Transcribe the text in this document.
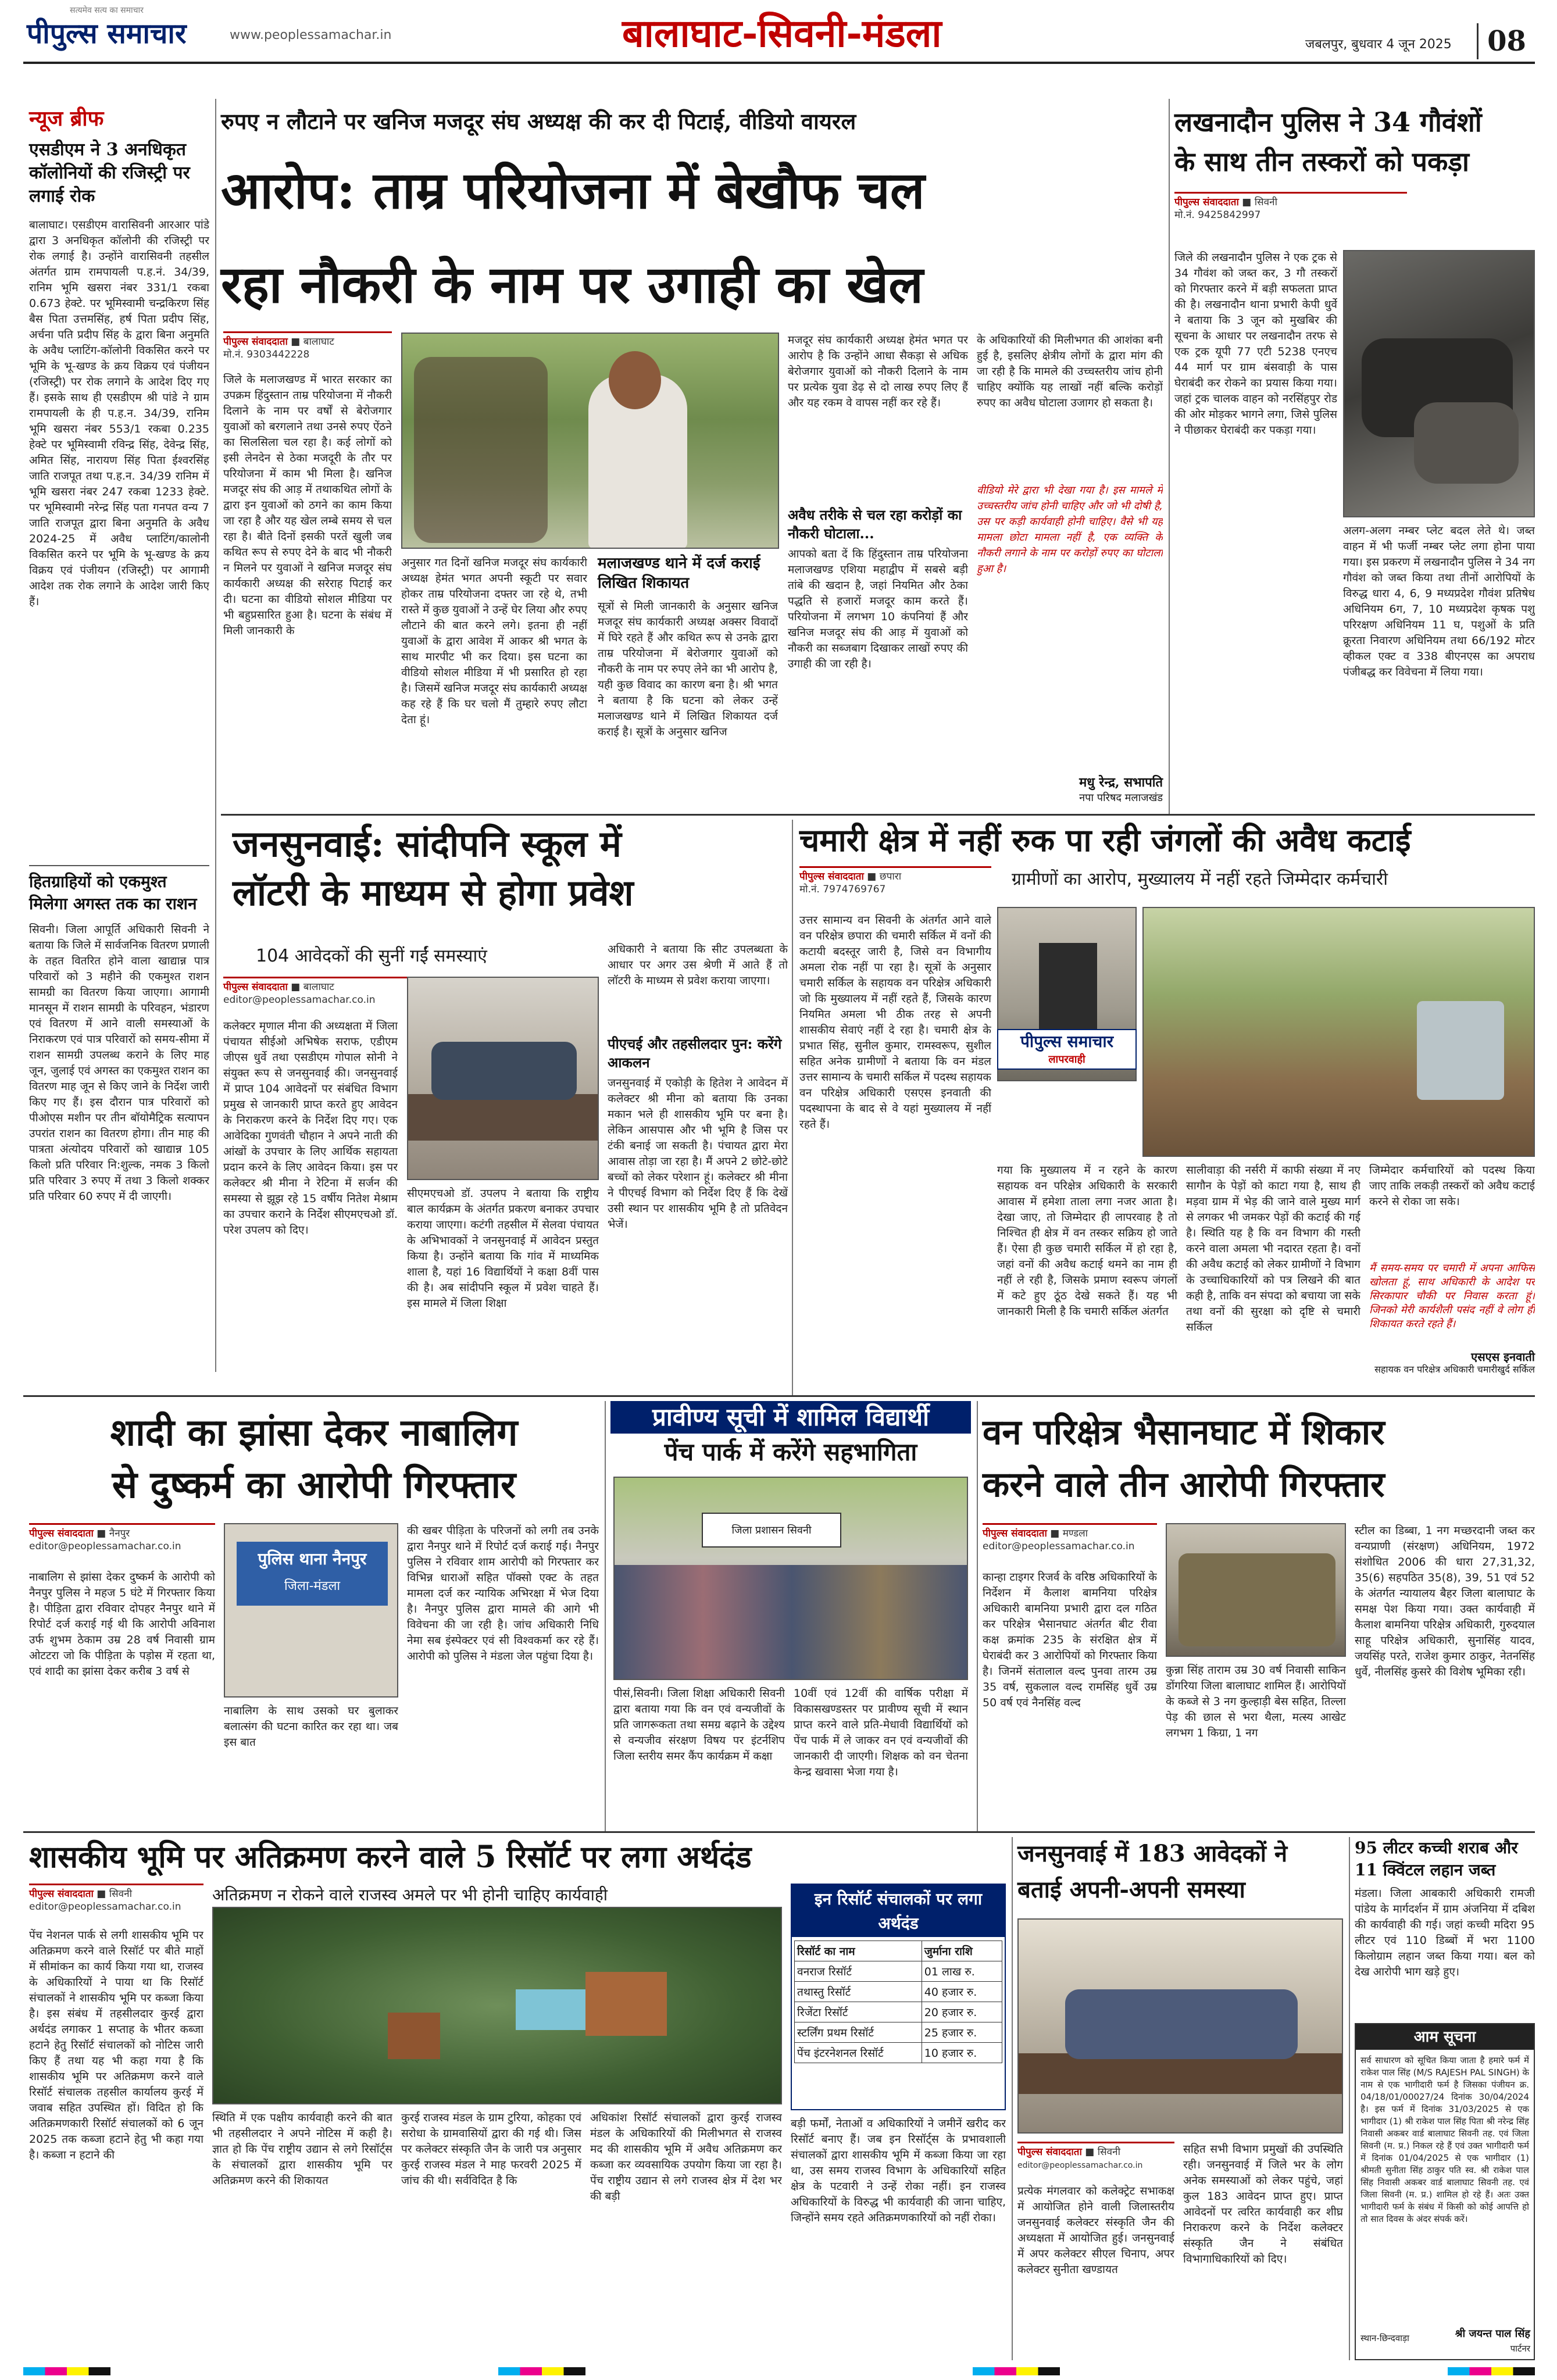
पीपुल्स समाचार
सत्यमेव सत्य का समाचार
www.peoplessamachar.in	बालाघाट-सिवनी-मंडला	जबलपुर, बुधवार 4 जून 2025	08
न्यूज ब्रीफ
एसडीएम ने 3 अनधिकृत कॉलोनियों की रजिस्ट्री पर लगाई रोक
बालाघाट। एसडीएम वारासिवनी आरआर पांडे द्वारा 3 अनधिकृत कॉलोनी की रजिस्ट्री पर रोक लगाई है। उन्होंने वारासिवनी तहसील अंतर्गत ग्राम रामपायली प.ह.नं. 34/39, रानिम भूमि खसरा नंबर 331/1 रकबा 0.673 हेक्टे. पर भूमिस्वामी चन्द्रकिरण सिंह बैस पिता उत्तमसिंह, हर्ष पिता प्रदीप सिंह, अर्चना पति प्रदीप सिंह के द्वारा बिना अनुमति के अवैध प्लाटिंग-कॉलोनी विकसित करने पर भूमि के भू-खण्ड के क्रय विक्रय एवं पंजीयन (रजिस्ट्री) पर रोक लगाने के आदेश दिए गए हैं। इसके साथ ही एसडीएम श्री पांडे ने ग्राम रामपायली के ही प.ह.न. 34/39, रानिम भूमि खसरा नंबर 553/1 रकबा 0.235 हेक्टे पर भूमिस्वामी रविन्द्र सिंह, देवेन्द्र सिंह, अमित सिंह, नारायण सिंह पिता ईश्वरसिंह जाति राजपूत तथा प.ह.न. 34/39 रानिम में भूमि खसरा नंबर 247 रकबा 1233 हेक्टे. पर भूमिस्वामी नरेन्द्र सिंह पता गनपत वन्य 7 जाति राजपूत द्वारा बिना अनुमति के अवैध 2024-25 में अवैध प्लाटिंग/कालोनी विकसित करने पर भूमि के भू-खण्ड के क्रय विक्रय एवं पंजीयन (रजिस्ट्री) पर आगामी आदेश तक रोक लगाने के आदेश जारी किए हैं।
हितग्राहियों को एकमुश्त मिलेगा अगस्त तक का राशन
सिवनी। जिला आपूर्ति अधिकारी सिवनी ने बताया कि जिले में सार्वजनिक वितरण प्रणाली के तहत वितरित होने वाला खाद्यान्न पात्र परिवारों को 3 महीने की एकमुश्त राशन सामग्री का वितरण किया जाएगा। आगामी मानसून में राशन सामग्री के परिवहन, भंडारण एवं वितरण में आने वाली समस्याओं के निराकरण एवं पात्र परिवारों को समय-सीमा में राशन सामग्री उपलब्ध कराने के लिए माह जून, जुलाई एवं अगस्त का एकमुश्त राशन का वितरण माह जून से किए जाने के निर्देश जारी किए गए हैं। इस दौरान पात्र परिवारों को पीओएस मशीन पर तीन बॉयोमैट्रिक सत्यापन उपरांत राशन का वितरण होगा। तीन माह की पात्रता अंत्योदय परिवारों को खाद्यान्न 105 किलो प्रति परिवार नि:शुल्क, नमक 3 किलो प्रति परिवार 3 रुपए में तथा 3 किलो शक्कर प्रति परिवार 60 रुपए में दी जाएगी।
रुपए न लौटाने पर खनिज मजदूर संघ अध्यक्ष की कर दी पिटाई, वीडियो वायरल
आरोप: ताम्र परियोजना में बेखौफ चल
रहा नौकरी के नाम पर उगाही का खेल
पीपुल्स संवाददाता ■ बालाघाट
मो.नं. 9303442228
जिले के मलाजखण्ड में भारत सरकार का उपक्रम हिंदुस्तान ताम्र परियोजना में नौकरी दिलाने के नाम पर वर्षों से बेरोजगार युवाओं को बरगलाने तथा उनसे रुपए ऐंठने का सिलसिला चल रहा है। कई लोगों को इसी लेनदेन से ठेका मजदूरी के तौर पर परियोजना में काम भी मिला है। खनिज मजदूर संघ की आड़ में तथाकथित लोगों के द्वारा इन युवाओं को ठगने का काम किया जा रहा है और यह खेल लम्बे समय से चल रहा है। बीते दिनों इसकी परतें खुली जब कथित रूप से रुपए देने के बाद भी नौकरी न मिलने पर युवाओं ने खनिज मजदूर संघ कार्यकारी अध्यक्ष की सरेराह पिटाई कर दी। घटना का वीडियो सोशल मीडिया पर भी बहुप्रसारित हुआ है। घटना के संबंध में मिली जानकारी के
अनुसार गत दिनों खनिज मजदूर संघ कार्यकारी अध्यक्ष हेमंत भगत अपनी स्कूटी पर सवार होकर ताम्र परियोजना दफ्तर जा रहे थे, तभी रास्ते में कुछ युवाओं ने उन्हें घेर लिया और रुपए लौटाने की बात करने लगे। इतना ही नहीं युवाओं के द्वारा आवेश में आकर श्री भगत के साथ मारपीट भी कर दिया। इस घटना का वीडियो सोशल मीडिया में भी प्रसारित हो रहा है। जिसमें खनिज मजदूर संघ कार्यकारी अध्यक्ष कह रहे हैं कि घर चलो मैं तुम्हारे रुपए लौटा देता हूं।
मलाजखण्ड थाने में दर्ज कराई लिखित शिकायत
सूत्रों से मिली जानकारी के अनुसार खनिज मजदूर संघ कार्यकारी अध्यक्ष अक्सर विवादों में घिरे रहते हैं और कथित रूप से उनके द्वारा ताम्र परियोजना में बेरोजगार युवाओं को नौकरी के नाम पर रुपए लेने का भी आरोप है, यही कुछ विवाद का कारण बना है। श्री भगत ने बताया है कि घटना को लेकर उन्हें मलाजखण्ड थाने में लिखित शिकायत दर्ज कराई है। सूत्रों के अनुसार खनिज
मजदूर संघ कार्यकारी अध्यक्ष हेमंत भगत पर आरोप है कि उन्होंने आधा सैकड़ा से अधिक बेरोजगार युवाओं को नौकरी दिलाने के नाम पर प्रत्येक युवा डेढ़ से दो लाख रुपए लिए हैं और यह रकम वे वापस नहीं कर रहे हैं।
अवैध तरीके से चल रहा करोड़ों का नौकरी घोटाला...
आपको बता दें कि हिंदुस्तान ताम्र परियोजना मलाजखण्ड एशिया महाद्वीप में सबसे बड़ी तांबे की खदान है, जहां नियमित और ठेका पद्धति से हजारों मजदूर काम करते हैं। परियोजना में लगभग 10 कंपनियां हैं और खनिज मजदूर संघ की आड़ में युवाओं को नौकरी का सब्जबाग दिखाकर लाखों रुपए की उगाही की जा रही है।
के अधिकारियों की मिलीभगत की आशंका बनी हुई है, इसलिए क्षेत्रीय लोगों के द्वारा मांग की जा रही है कि मामले की उच्चस्तरीय जांच होनी चाहिए क्योंकि यह लाखों नहीं बल्कि करोड़ों रुपए का अवैध घोटाला उजागर हो सकता है।
वीडियो मेरे द्वारा भी देखा गया है। इस मामले में उच्चस्तरीय जांच होनी चाहिए और जो भी दोषी है, उस पर कड़ी कार्यवाही होनी चाहिए। वैसे भी यह मामला छोटा मामला नहीं है, एक व्यक्ति के नौकरी लगाने के नाम पर करोड़ों रुपए का घोटाला हुआ है।
मधु रेन्द्र, सभापति
नपा परिषद मलाजखंड
लखनादौन पुलिस ने 34 गौवंशों
के साथ तीन तस्करों को पकड़ा
पीपुल्स संवाददाता ■ सिवनी
मो.नं. 9425842997
जिले की लखनादौन पुलिस ने एक ट्रक से 34 गौवंश को जब्त कर, 3 गौ तस्करों को गिरफ्तार करने में बड़ी सफलता प्राप्त की है। लखनादौन थाना प्रभारी केपी धुर्वे ने बताया कि 3 जून को मुखबिर की सूचना के आधार पर लखनादौन तरफ से एक ट्रक यूपी 77 एटी 5238 एनएच 44 मार्ग पर ग्राम बंसवाड़ी के पास घेराबंदी कर रोकने का प्रयास किया गया। जहां ट्रक चालक वाहन को नरसिंहपुर रोड की ओर मोड़कर भागने लगा, जिसे पुलिस ने पीछाकर घेराबंदी कर पकड़ा गया।
अलग-अलग नम्बर प्लेट बदल लेते थे। जब्त वाहन में भी फर्जी नम्बर प्लेट लगा होना पाया गया। इस प्रकरण में लखनादौन पुलिस ने 34 नग गौवंश को जब्त किया तथा तीनों आरोपियों के विरुद्ध धारा 4, 6, 9 मध्यप्रदेश गौवंश प्रतिषेध अधिनियम 6ग, 7, 10 मध्यप्रदेश कृषक पशु परिरक्षण अधिनियम 11 घ, पशुओं के प्रति क्रूरता निवारण अधिनियम तथा 66/192 मोटर व्हीकल एक्ट व 338 बीएनएस का अपराध पंजीबद्ध कर विवेचना में लिया गया।
जनसुनवाई: सांदीपनि स्कूल में
लॉटरी के माध्यम से होगा प्रवेश
104 आवेदकों की सुनीं गईं समस्याएं
पीपुल्स संवाददाता ■ बालाघाट
editor@peoplessamachar.co.in
कलेक्टर मृणाल मीना की अध्यक्षता में जिला पंचायत सीईओ अभिषेक सराफ, एडीएम जीएस धुर्वे तथा एसडीएम गोपाल सोनी ने संयुक्त रूप से जनसुनवाई की। जनसुनवाई में प्राप्त 104 आवेदनों पर संबंधित विभाग प्रमुख से जानकारी प्राप्त करते हुए आवेदन के निराकरण करने के निर्देश दिए गए। एक आवेदिका गुणवंती चौहान ने अपने नाती की आंखों के उपचार के लिए आर्थिक सहायता प्रदान करने के लिए आवेदन किया। इस पर कलेक्टर श्री मीना ने रेटिना में सर्जन की समस्या से झूझ रहे 15 वर्षीय नितेश मेश्राम का उपचार कराने के निर्देश सीएमएचओ डॉ. परेश उपलप को दिए।
सीएमएचओ डॉ. उपलप ने बताया कि राष्ट्रीय बाल कार्यक्रम के अंतर्गत प्रकरण बनाकर उपचार कराया जाएगा। कटंगी तहसील में सेलवा पंचायत के अभिभावकों ने जनसुनवाई में आवेदन प्रस्तुत किया है। उन्होंने बताया कि गांव में माध्यमिक शाला है, यहां 16 विद्यार्थियों ने कक्षा 8वीं पास की है। अब सांदीपनि स्कूल में प्रवेश चाहते हैं। इस मामले में जिला शिक्षा
अधिकारी ने बताया कि सीट उपलब्धता के आधार पर अगर उस श्रेणी में आते हैं तो लॉटरी के माध्यम से प्रवेश कराया जाएगा।
पीएचई और तहसीलदार पुन: करेंगे आकलन
जनसुनवाई में एकोड़ी के हितेश ने आवेदन में कलेक्टर श्री मीना को बताया कि उनका मकान भले ही शासकीय भूमि पर बना है। लेकिन आसपास और भी भूमि है जिस पर टंकी बनाई जा सकती है। पंचायत द्वारा मेरा आवास तोड़ा जा रहा है। मैं अपने 2 छोटे-छोटे बच्चों को लेकर परेशान हूं। कलेक्टर श्री मीना ने पीएचई विभाग को निर्देश दिए हैं कि देखें उसी स्थान पर शासकीय भूमि है तो प्रतिवेदन भेजें।
चमारी क्षेत्र में नहीं रुक पा रही जंगलों की अवैध कटाई
ग्रामीणों का आरोप, मुख्यालय में नहीं रहते जिम्मेदार कर्मचारी
पीपुल्स संवाददाता ■ छपारा
मो.नं. 7974769767
उत्तर सामान्य वन सिवनी के अंतर्गत आने वाले वन परिक्षेत्र छपारा की चमारी सर्किल में वनों की कटायी बदस्तूर जारी है, जिसे वन विभागीय अमला रोक नहीं पा रहा है। सूत्रों के अनुसार चमारी सर्किल के सहायक वन परिक्षेत्र अधिकारी जो कि मुख्यालय में नहीं रहते हैं, जिसके कारण नियमित अमला भी ठीक तरह से अपनी शासकीय सेवाएं नहीं दे रहा है। चमारी क्षेत्र के प्रभात सिंह, सुनील कुमार, रामस्वरूप, सुशील सहित अनेक ग्रामीणों ने बताया कि वन मंडल उत्तर सामान्य के चमारी सर्किल में पदस्थ सहायक वन परिक्षेत्र अधिकारी एसएस इनवाती की पदस्थापना के बाद से वे यहां मुख्यालय में नहीं रहते हैं।
पीपुल्स समाचार
लापरवाही
गया कि मुख्यालय में न रहने के कारण सहायक वन परिक्षेत्र अधिकारी के सरकारी आवास में हमेशा ताला लगा नजर आता है। देखा जाए, तो जिम्मेदार ही लापरवाह है तो निश्चित ही क्षेत्र में वन तस्कर सक्रिय हो जाते हैं। ऐसा ही कुछ चमारी सर्किल में हो रहा है, जहां वनों की अवैध कटाई थमने का नाम ही नहीं ले रही है, जिसके प्रमाण स्वरूप जंगलों में कटे हुए ठूंठ देखे सकते हैं। यह भी जानकारी मिली है कि चमारी सर्किल अंतर्गत
सालीवाड़ा की नर्सरी में काफी संख्या में नए सागौन के पेड़ों को काटा गया है, साथ ही मड़वा ग्राम में भेड़ की जाने वाले मुख्य मार्ग से लगकर भी जमकर पेड़ों की कटाई की गई है। स्थिति यह है कि वन विभाग की गस्ती करने वाला अमला भी नदारत रहता है। वनों की अवैध कटाई को लेकर ग्रामीणों ने विभाग के उच्चाधिकारियों को पत्र लिखने की बात कही है, ताकि वन संपदा को बचाया जा सके तथा वनों की सुरक्षा को दृष्टि से चमारी सर्किल
जिम्मेदार कर्मचारियों को पदस्थ किया जाए ताकि लकड़ी तस्करों को अवैध कटाई करने से रोका जा सके।
मैं समय-समय पर चमारी में अपना आफिस खोलता हूं, साथ अधिकारी के आदेश पर सिरकापार चौकी पर निवास करता हूं। जिनको मेरी कार्यशैली पसंद नहीं वे लोग ही शिकायत करते रहते हैं।
एसएस इनवाती
सहायक वन परिक्षेत्र अधिकारी चमारीखुर्द सर्किल
शादी का झांसा देकर नाबालिग
से दुष्कर्म का आरोपी गिरफ्तार
पीपुल्स संवाददाता ■ नैनपुर
editor@peoplessamachar.co.in
नाबालिग से झांसा देकर दुष्कर्म के आरोपी को नैनपुर पुलिस ने महज 5 घंटे में गिरफ्तार किया है। पीड़िता द्वारा रविवार दोपहर नैनपुर थाने में रिपोर्ट दर्ज कराई गई थी कि आरोपी अविनाश उर्फ शुभम ठेकाम उम्र 28 वर्ष निवासी ग्राम ओटटरा जो कि पीड़िता के पड़ोस में रहता था, एवं शादी का झांसा देकर करीब 3 वर्ष से
पुलिस थाना नैनपुर
जिला-मंडला
नाबालिग के साथ उसको घर बुलाकर बलात्संग की घटना कारित कर रहा था। जब इस बात
की खबर पीड़िता के परिजनों को लगी तब उनके द्वारा नैनपुर थाने में रिपोर्ट दर्ज कराई गई। नैनपुर पुलिस ने रविवार शाम आरोपी को गिरफ्तार कर विभिन्न धाराओं सहित पॉक्सो एक्ट के तहत मामला दर्ज कर न्यायिक अभिरक्षा में भेज दिया है। नैनपुर पुलिस द्वारा मामले की आगे भी विवेचना की जा रही है। जांच अधिकारी निधि नेमा सब इंस्पेक्टर एवं सी विश्वकर्मा कर रहे हैं। आरोपी को पुलिस ने मंडला जेल पहुंचा दिया है।
प्रावीण्य सूची में शामिल विद्यार्थी
पेंच पार्क में करेंगे सहभागिता
जिला प्रशासन सिवनी
पीसं,सिवनी। जिला शिक्षा अधिकारी सिवनी द्वारा बताया गया कि वन एवं वन्यजीवों के प्रति जागरूकता तथा समग्र बढ़ाने के उद्देश्य से वन्यजीव संरक्षण विषय पर इंटर्नशिप जिला स्तरीय समर कैंप कार्यक्रम में कक्षा
10वीं एवं 12वीं की वार्षिक परीक्षा में विकासखण्डस्तर पर प्रावीण्य सूची में स्थान प्राप्त करने वाले प्रति-मेधावी विद्यार्थियों को पेंच पार्क में ले जाकर वन एवं वन्यजीवों की जानकारी दी जाएगी। शिक्षक को वन चेतना केन्द्र खवासा भेजा गया है।
वन परिक्षेत्र भैसानघाट में शिकार
करने वाले तीन आरोपी गिरफ्तार
पीपुल्स संवाददाता ■ मण्डला
editor@peoplessamachar.co.in
कान्हा टाइगर रिजर्व के वरिष्ठ अधिकारियों के निर्देशन में कैलाश बामनिया परिक्षेत्र अधिकारी बामनिया प्रभारी द्वारा दल गठित कर परिक्षेत्र भैसानघाट अंतर्गत बीट रीवा कक्ष क्रमांक 235 के संरक्षित क्षेत्र में घेराबंदी कर 3 आरोपियों को गिरफ्तार किया है। जिनमें संतालाल वल्द पुनवा तारम उम्र 35 वर्ष, सुकलाल वल्द रामसिंह धुर्वे उम्र 50 वर्ष एवं नैनसिंह वल्द
कुन्ना सिंह ताराम उम्र 30 वर्ष निवासी साकिन डोंगरिया जिला बालाघाट शामिल हैं। आरोपियों के कब्जे से 3 नग कुल्हाड़ी बेस सहित, तिल्ला पेड़ की छाल से भरा थैला, मत्स्य आखेट लगभग 1 किग्रा, 1 नग
स्टील का डिब्बा, 1 नग मच्छरदानी जब्त कर वन्यप्राणी (संरक्षण) अधिनियम, 1972 संशोधित 2006 की धारा 27,31,32, 35(6) सहपठित 35(8), 39, 51 एवं 52 के अंतर्गत न्यायालय बैहर जिला बालाघाट के समक्ष पेश किया गया। उक्त कार्यवाही में कैलाश बामनिया परिक्षेत्र अधिकारी, गुरुदयाल साहू परिक्षेत्र अधिकारी, सुनासिंह यादव, जयसिंह परते, राजेश कुमार ठाकुर, नेतनसिंह धुर्वे, नीलसिंह कुसरे की विशेष भूमिका रही।
शासकीय भूमि पर अतिक्रमण करने वाले 5 रिसॉर्ट पर लगा अर्थदंड
पीपुल्स संवाददाता ■ सिवनी
editor@peoplessamachar.co.in
पेंच नेशनल पार्क से लगी शासकीय भूमि पर अतिक्रमण करने वाले रिसॉर्ट पर बीते माहों में सीमांकन का कार्य किया गया था, राजस्व के अधिकारियों ने पाया था कि रिसॉर्ट संचालकों ने शासकीय भूमि पर कब्जा किया है। इस संबंध में तहसीलदार कुरई द्वारा अर्थदंड लगाकर 1 सप्ताह के भीतर कब्जा हटाने हेतु रिसॉर्ट संचालकों को नोटिस जारी किए हैं तथा यह भी कहा गया है कि शासकीय भूमि पर अतिक्रमण करने वाले रिसॉर्ट संचालक तहसील कार्यालय कुरई में जवाब सहित उपस्थित हों। विदित हो कि अतिक्रमणकारी रिसॉर्ट संचालकों को 6 जून 2025 तक कब्जा हटाने हेतु भी कहा गया है। कब्जा न हटाने की
अतिक्रमण न रोकने वाले राजस्व अमले पर भी होनी चाहिए कार्यवाही
स्थिति में एक पक्षीय कार्यवाही करने की बात भी तहसीलदार ने अपने नोटिस में कही है। ज्ञात हो कि पेंच राष्ट्रीय उद्यान से लगे रिसॉर्ट्स के संचालकों द्वारा शासकीय भूमि पर अतिक्रमण करने की शिकायत
कुरई राजस्व मंडल के ग्राम टुरिया, कोहका एवं सरोधा के ग्रामवासियों द्वारा की गई थी। जिस पर कलेक्टर संस्कृति जैन के जारी पत्र अनुसार कुरई राजस्व मंडल ने माह फरवरी 2025 में जांच की थी। सर्वविदित है कि
अधिकांश रिसॉर्ट संचालकों द्वारा कुरई राजस्व मंडल के अधिकारियों की मिलीभगत से राजस्व मद की शासकीय भूमि में अवैध अतिक्रमण कर कब्जा कर व्यवसायिक उपयोग किया जा रहा है। पेंच राष्ट्रीय उद्यान से लगे राजस्व क्षेत्र में देश भर की बड़ी
इन रिसॉर्ट संचालकों पर लगा अर्थदंड
रिसॉर्ट का नाम	जुर्माना राशि
वनराज रिसॉर्ट	01 लाख रु.
तथास्तु रिसॉर्ट	40 हजार रु.
रिजेंटा रिसॉर्ट	20 हजार रु.
स्टर्लिंग प्रथम रिसॉर्ट	25 हजार रु.
पेंच इंटरनेशनल रिसॉर्ट	10 हजार रु.
बड़ी फर्मों, नेताओं व अधिकारियों ने जमीनें खरीद कर रिसॉर्ट बनाए हैं। जब इन रिसॉर्ट्स के प्रभावशाली संचालकों द्वारा शासकीय भूमि में कब्जा किया जा रहा था, उस समय राजस्व विभाग के अधिकारियों सहित क्षेत्र के पटवारी ने उन्हें रोका नहीं। इन राजस्व अधिकारियों के विरुद्ध भी कार्यवाही की जाना चाहिए, जिन्होंने समय रहते अतिक्रमणकारियों को नहीं रोका।
जनसुनवाई में 183 आवेदकों ने
बताई अपनी-अपनी समस्या
पीपुल्स संवाददाता ■ सिवनी
editor@peoplessamachar.co.in
प्रत्येक मंगलवार को कलेक्ट्रेट सभाकक्ष में आयोजित होने वाली जिलास्तरीय जनसुनवाई कलेक्टर संस्कृति जैन की अध्यक्षता में आयोजित हुई। जनसुनवाई में अपर कलेक्टर सीएल चिनाप, अपर कलेक्टर सुनीता खण्डायत
सहित सभी विभाग प्रमुखों की उपस्थिति रही। जनसुनवाई में जिले भर के लोग अनेक समस्याओं को लेकर पहुंचे, जहां कुल 183 आवेदन प्राप्त हुए। प्राप्त आवेदनों पर त्वरित कार्यवाही कर शीघ्र निराकरण करने के निर्देश कलेक्टर संस्कृति जैन ने संबंधित विभागाधिकारियों को दिए।
95 लीटर कच्ची शराब और
11 क्विंटल लहान जब्त
मंडला। जिला आबकारी अधिकारी रामजी पांडेय के मार्गदर्शन में ग्राम अंजनिया में दबिश की कार्यवाही की गई। जहां कच्ची मदिरा 95 लीटर एवं 110 डिब्बों में भरा 1100 किलोग्राम लहान जब्त किया गया। बल को देख आरोपी भाग खड़े हुए।
आम सूचना
सर्व साधारण को सूचित किया जाता है हमारे फर्म में राकेश पाल सिंह (M/S RAJESH PAL SINGH) के नाम से एक भागीदारी फर्म है जिसका पंजीयन क्र. 04/18/01/00027/24 दिनांक 30/04/2024 है। इस फर्म में दिनांक 31/03/2025 से एक भागीदार (1) श्री राकेश पाल सिंह पिता श्री नरेन्द्र सिंह निवासी अकबर वार्ड बालाघाट सिवनी तह. एवं जिला सिवनी (म. प्र.) निकल रहे हैं एवं उक्त भागीदारी फर्म में दिनांक 01/04/2025 से एक भागीदार (1) श्रीमती सुनीता सिंह ठाकुर पति स्व. श्री राकेश पाल सिंह निवासी अकबर वार्ड बालाघाट सिवनी तह. एवं जिला सिवनी (म. प्र.) शामिल हो रहे हैं। अतः उक्त भागीदारी फर्म के संबंध में किसी को कोई आपत्ति हो तो सात दिवस के अंदर संपर्क करें।
स्थान-छिन्दवाड़ा	श्री जयन्त पाल सिंह
पार्टनर
